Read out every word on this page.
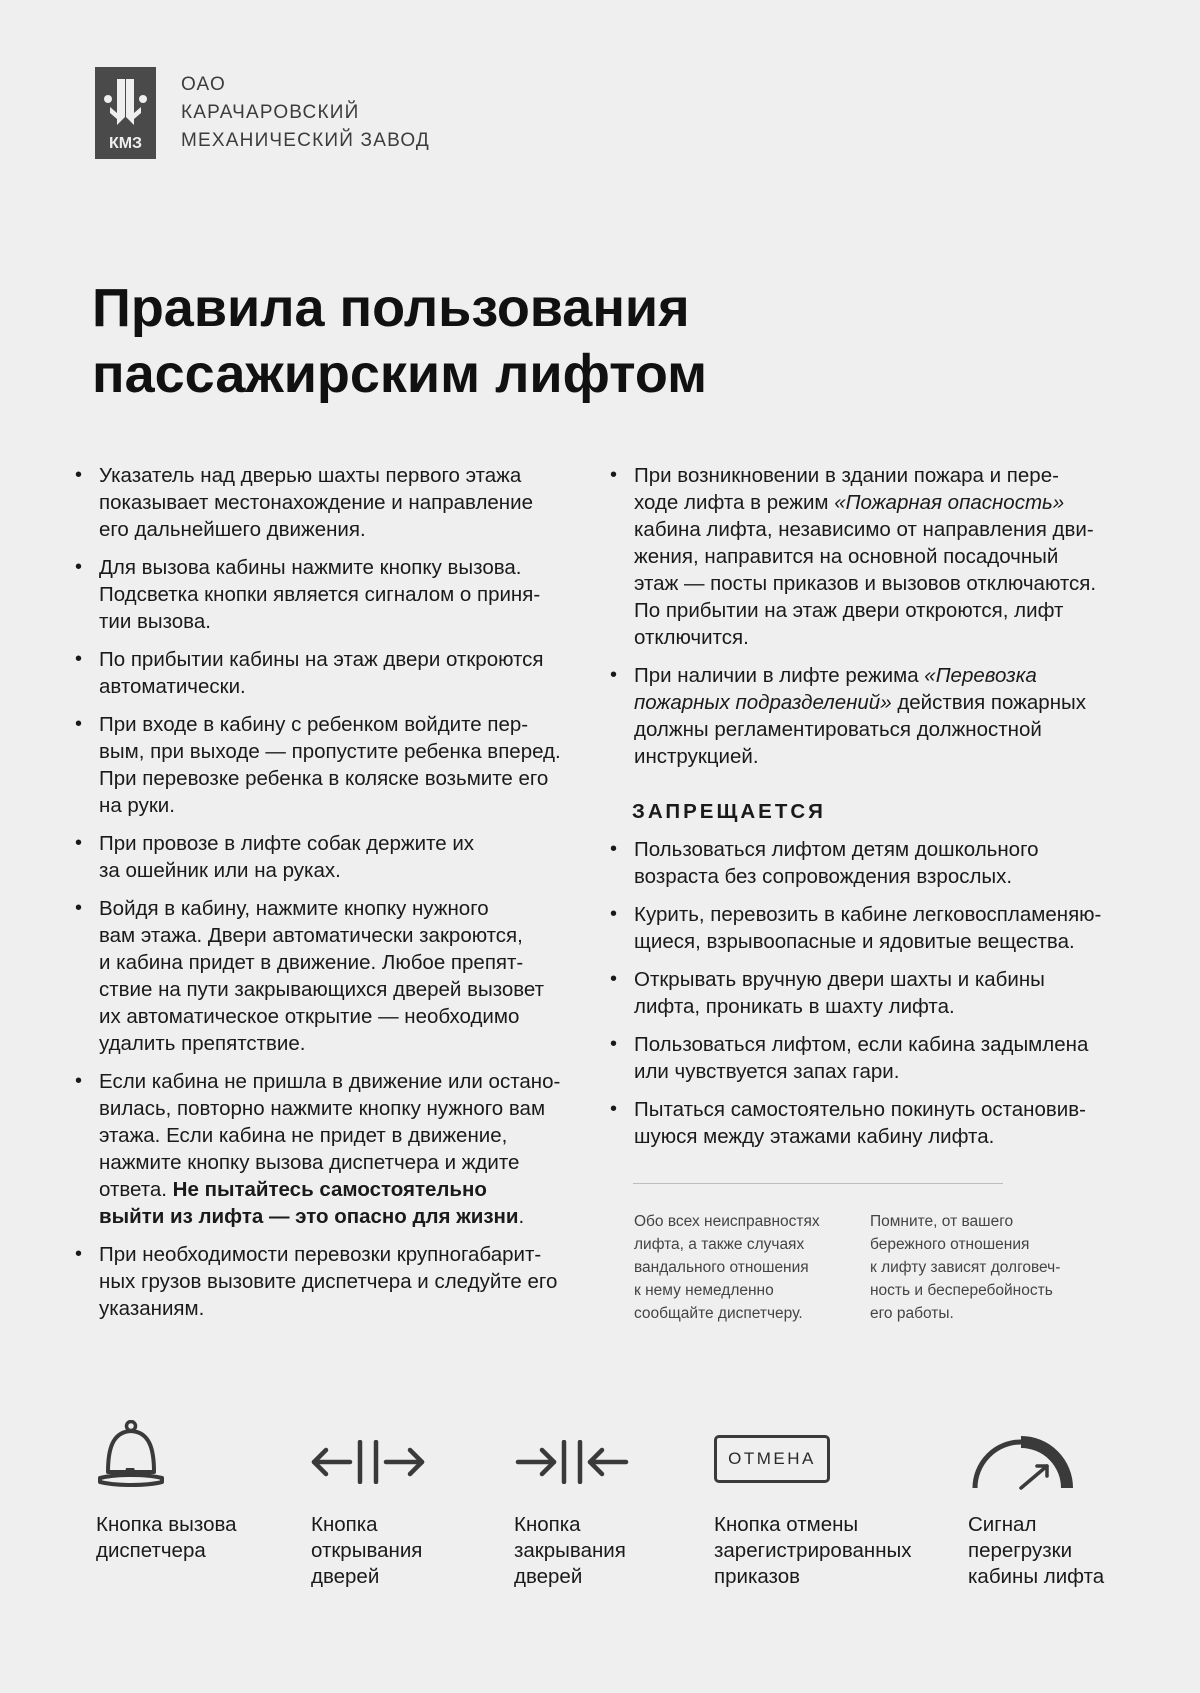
КМЗ
ОАО
КАРАЧАРОВСКИЙ
МЕХАНИЧЕСКИЙ ЗАВОД
Правила пользования
пассажирским лифтом
• Указатель над дверью шахты первого этажа
показывает местонахождение и направление
его дальнейшего движения.
• Для вызова кабины нажмите кнопку вызова.
Подсветка кнопки является сигналом о приня-
тии вызова.
• По прибытии кабины на этаж двери откроются
автоматически.
• При входе в кабину с ребенком войдите пер-
вым, при выходе — пропустите ребенка вперед.
При перевозке ребенка в коляске возьмите его
на руки.
• При провозе в лифте собак держите их
за ошейник или на руках.
• Войдя в кабину, нажмите кнопку нужного
вам этажа. Двери автоматически закроются,
и кабина придет в движение. Любое препят-
ствие на пути закрывающихся дверей вызовет
их автоматическое открытие — необходимо
удалить препятствие.
• Если кабина не пришла в движение или остано-
вилась, повторно нажмите кнопку нужного вам
этажа. Если кабина не придет в движение,
нажмите кнопку вызова диспетчера и ждите
ответа. Не пытайтесь самостоятельно
выйти из лифта — это опасно для жизни.
• При необходимости перевозки крупногабарит-
ных грузов вызовите диспетчера и следуйте его
указаниям.
• При возникновении в здании пожара и пере-
ходе лифта в режим «Пожарная опасность»
кабина лифта, независимо от направления дви-
жения, направится на основной посадочный
этаж — посты приказов и вызовов отключаются.
По прибытии на этаж двери откроются, лифт
отключится.
• При наличии в лифте режима «Перевозка
пожарных подразделений» действия пожарных
должны регламентироваться должностной
инструкцией.
ЗАПРЕЩАЕТСЯ
• Пользоваться лифтом детям дошкольного
возраста без сопровождения взрослых.
• Курить, перевозить в кабине легковоспламеняю-
щиеся, взрывоопасные и ядовитые вещества.
• Открывать вручную двери шахты и кабины
лифта, проникать в шахту лифта.
• Пользоваться лифтом, если кабина задымлена
или чувствуется запах гари.
• Пытаться самостоятельно покинуть остановив-
шуюся между этажами кабину лифта.
Обо всех неисправностях
лифта, а также случаях
вандального отношения
к нему немедленно
сообщайте диспетчеру.
Помните, от вашего
бережного отношения
к лифту зависят долговеч-
ность и бесперебойность
его работы.
Кнопка вызова
диспетчера
Кнопка
открывания
дверей
Кнопка
закрывания
дверей
ОТМЕНА
Кнопка отмены
зарегистрированных
приказов
Сигнал
перегрузки
кабины лифта
